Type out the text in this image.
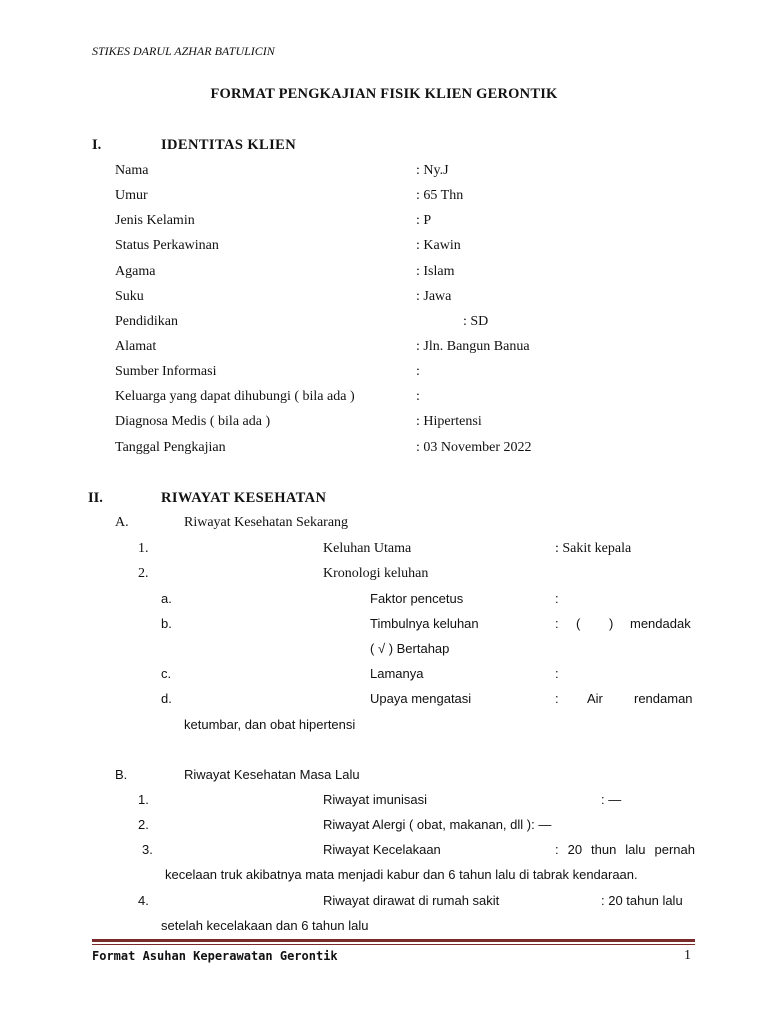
STIKES DARUL AZHAR BATULICIN
FORMAT PENGKAJIAN FISIK KLIEN GERONTIK
I.	IDENTITAS KLIEN
Nama	: Ny.J
Umur	: 65 Thn
Jenis Kelamin	: P
Status Perkawinan	: Kawin
Agama	: Islam
Suku	: Jawa
Pendidikan	: SD
Alamat	: Jln. Bangun Banua
Sumber Informasi	:
Keluarga yang dapat dihubungi ( bila ada )	:
Diagnosa Medis ( bila ada )	: Hipertensi
Tanggal Pengkajian	: 03 November 2022
II.	RIWAYAT KESEHATAN
A.	Riwayat Kesehatan Sekarang
1.	Keluhan Utama	: Sakit kepala
2.	Kronologi keluhan
a.	Faktor pencetus	:
b.	Timbulnya keluhan	: ( ) mendadak
( √ ) Bertahap
c.	Lamanya	:
d.	Upaya mengatasi	: Air rendaman
ketumbar, dan obat hipertensi
B.	Riwayat Kesehatan Masa Lalu
1.	Riwayat imunisasi	: —
2.	Riwayat Alergi ( obat, makanan, dll ): —
3.	Riwayat Kecelakaan	: 20 thun lalu pernah
kecelaan truk akibatnya mata menjadi kabur dan 6 tahun lalu di tabrak kendaraan.
4.	Riwayat dirawat di rumah sakit	: 20 tahun lalu
setelah kecelakaan dan 6 tahun lalu
Format Asuhan Keperawatan Gerontik	1
